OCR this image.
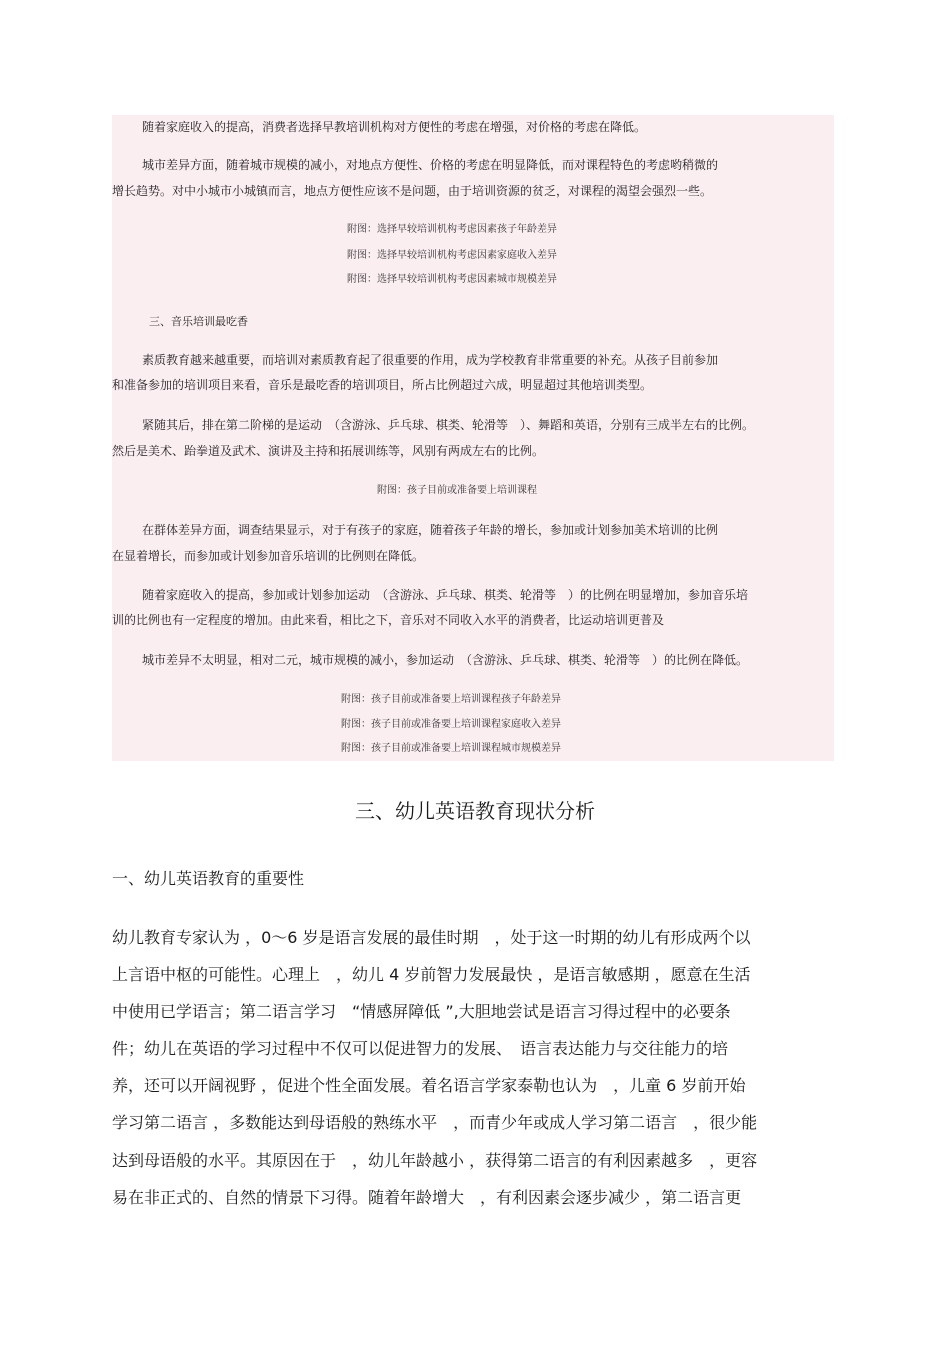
随着家庭收入的提高，消费者选择早教培训机构对方便性的考虑在增强，对价格的考虑在降低。
城市差异方面，随着城市规模的减小，对地点方便性、价格的考虑在明显降低，而对课程特色的考虑哟稍微的
增长趋势。对中小城市小城镇而言，地点方便性应该不是问题，由于培训资源的贫乏，对课程的渴望会强烈一些。
附图：选择早较培训机构考虑因素孩子年龄差异
附图：选择早较培训机构考虑因素家庭收入差异
附图：选择早较培训机构考虑因素城市规模差异
三、音乐培训最吃香
素质教育越来越重要，而培训对素质教育起了很重要的作用，成为学校教育非常重要的补充。从孩子目前参加
和准备参加的培训项目来看，音乐是最吃香的培训项目，所占比例超过六成，明显超过其他培训类型。
紧随其后，排在第二阶梯的是运动　（含游泳、乒乓球、棋类、轮滑等　）、舞蹈和英语，分别有三成半左右的比例。
然后是美术、跆拳道及武术、演讲及主持和拓展训练等，风别有两成左右的比例。
附图：孩子目前或准备要上培训课程
在群体差异方面，调查结果显示，对于有孩子的家庭，随着孩子年龄的增长，参加或计划参加美术培训的比例
在显着增长，而参加或计划参加音乐培训的比例则在降低。
随着家庭收入的提高，参加或计划参加运动　（含游泳、乒乓球、棋类、轮滑等　）的比例在明显增加，参加音乐培
训的比例也有一定程度的增加。由此来看，相比之下，音乐对不同收入水平的消费者，比运动培训更普及
城市差异不太明显，相对二元，城市规模的减小，参加运动　（含游泳、乒乓球、棋类、轮滑等　）的比例在降低。
附图：孩子目前或准备要上培训课程孩子年龄差异
附图：孩子目前或准备要上培训课程家庭收入差异
附图：孩子目前或准备要上培训课程城市规模差异
三、幼儿英语教育现状分析
一、幼儿英语教育的重要性
幼儿教育专家认为 ，0～6 岁是语言发展的最佳时期　，处于这一时期的幼儿有形成两个以
上言语中枢的可能性。心理上　，幼儿 4 岁前智力发展最快 ，是语言敏感期 ，愿意在生活
中使用已学语言；第二语言学习　“情感屏障低 ”,大胆地尝试是语言习得过程中的必要条
件；幼儿在英语的学习过程中不仅可以促进智力的发展、　语言表达能力与交往能力的培
养，还可以开阔视野 ，促进个性全面发展。着名语言学家泰勒也认为　，儿童 6 岁前开始
学习第二语言 ，多数能达到母语般的熟练水平　，而青少年或成人学习第二语言　，很少能
达到母语般的水平。其原因在于　，幼儿年龄越小 ，获得第二语言的有利因素越多　，更容
易在非正式的、自然的情景下习得。随着年龄增大　，有利因素会逐步减少 ，第二语言更
